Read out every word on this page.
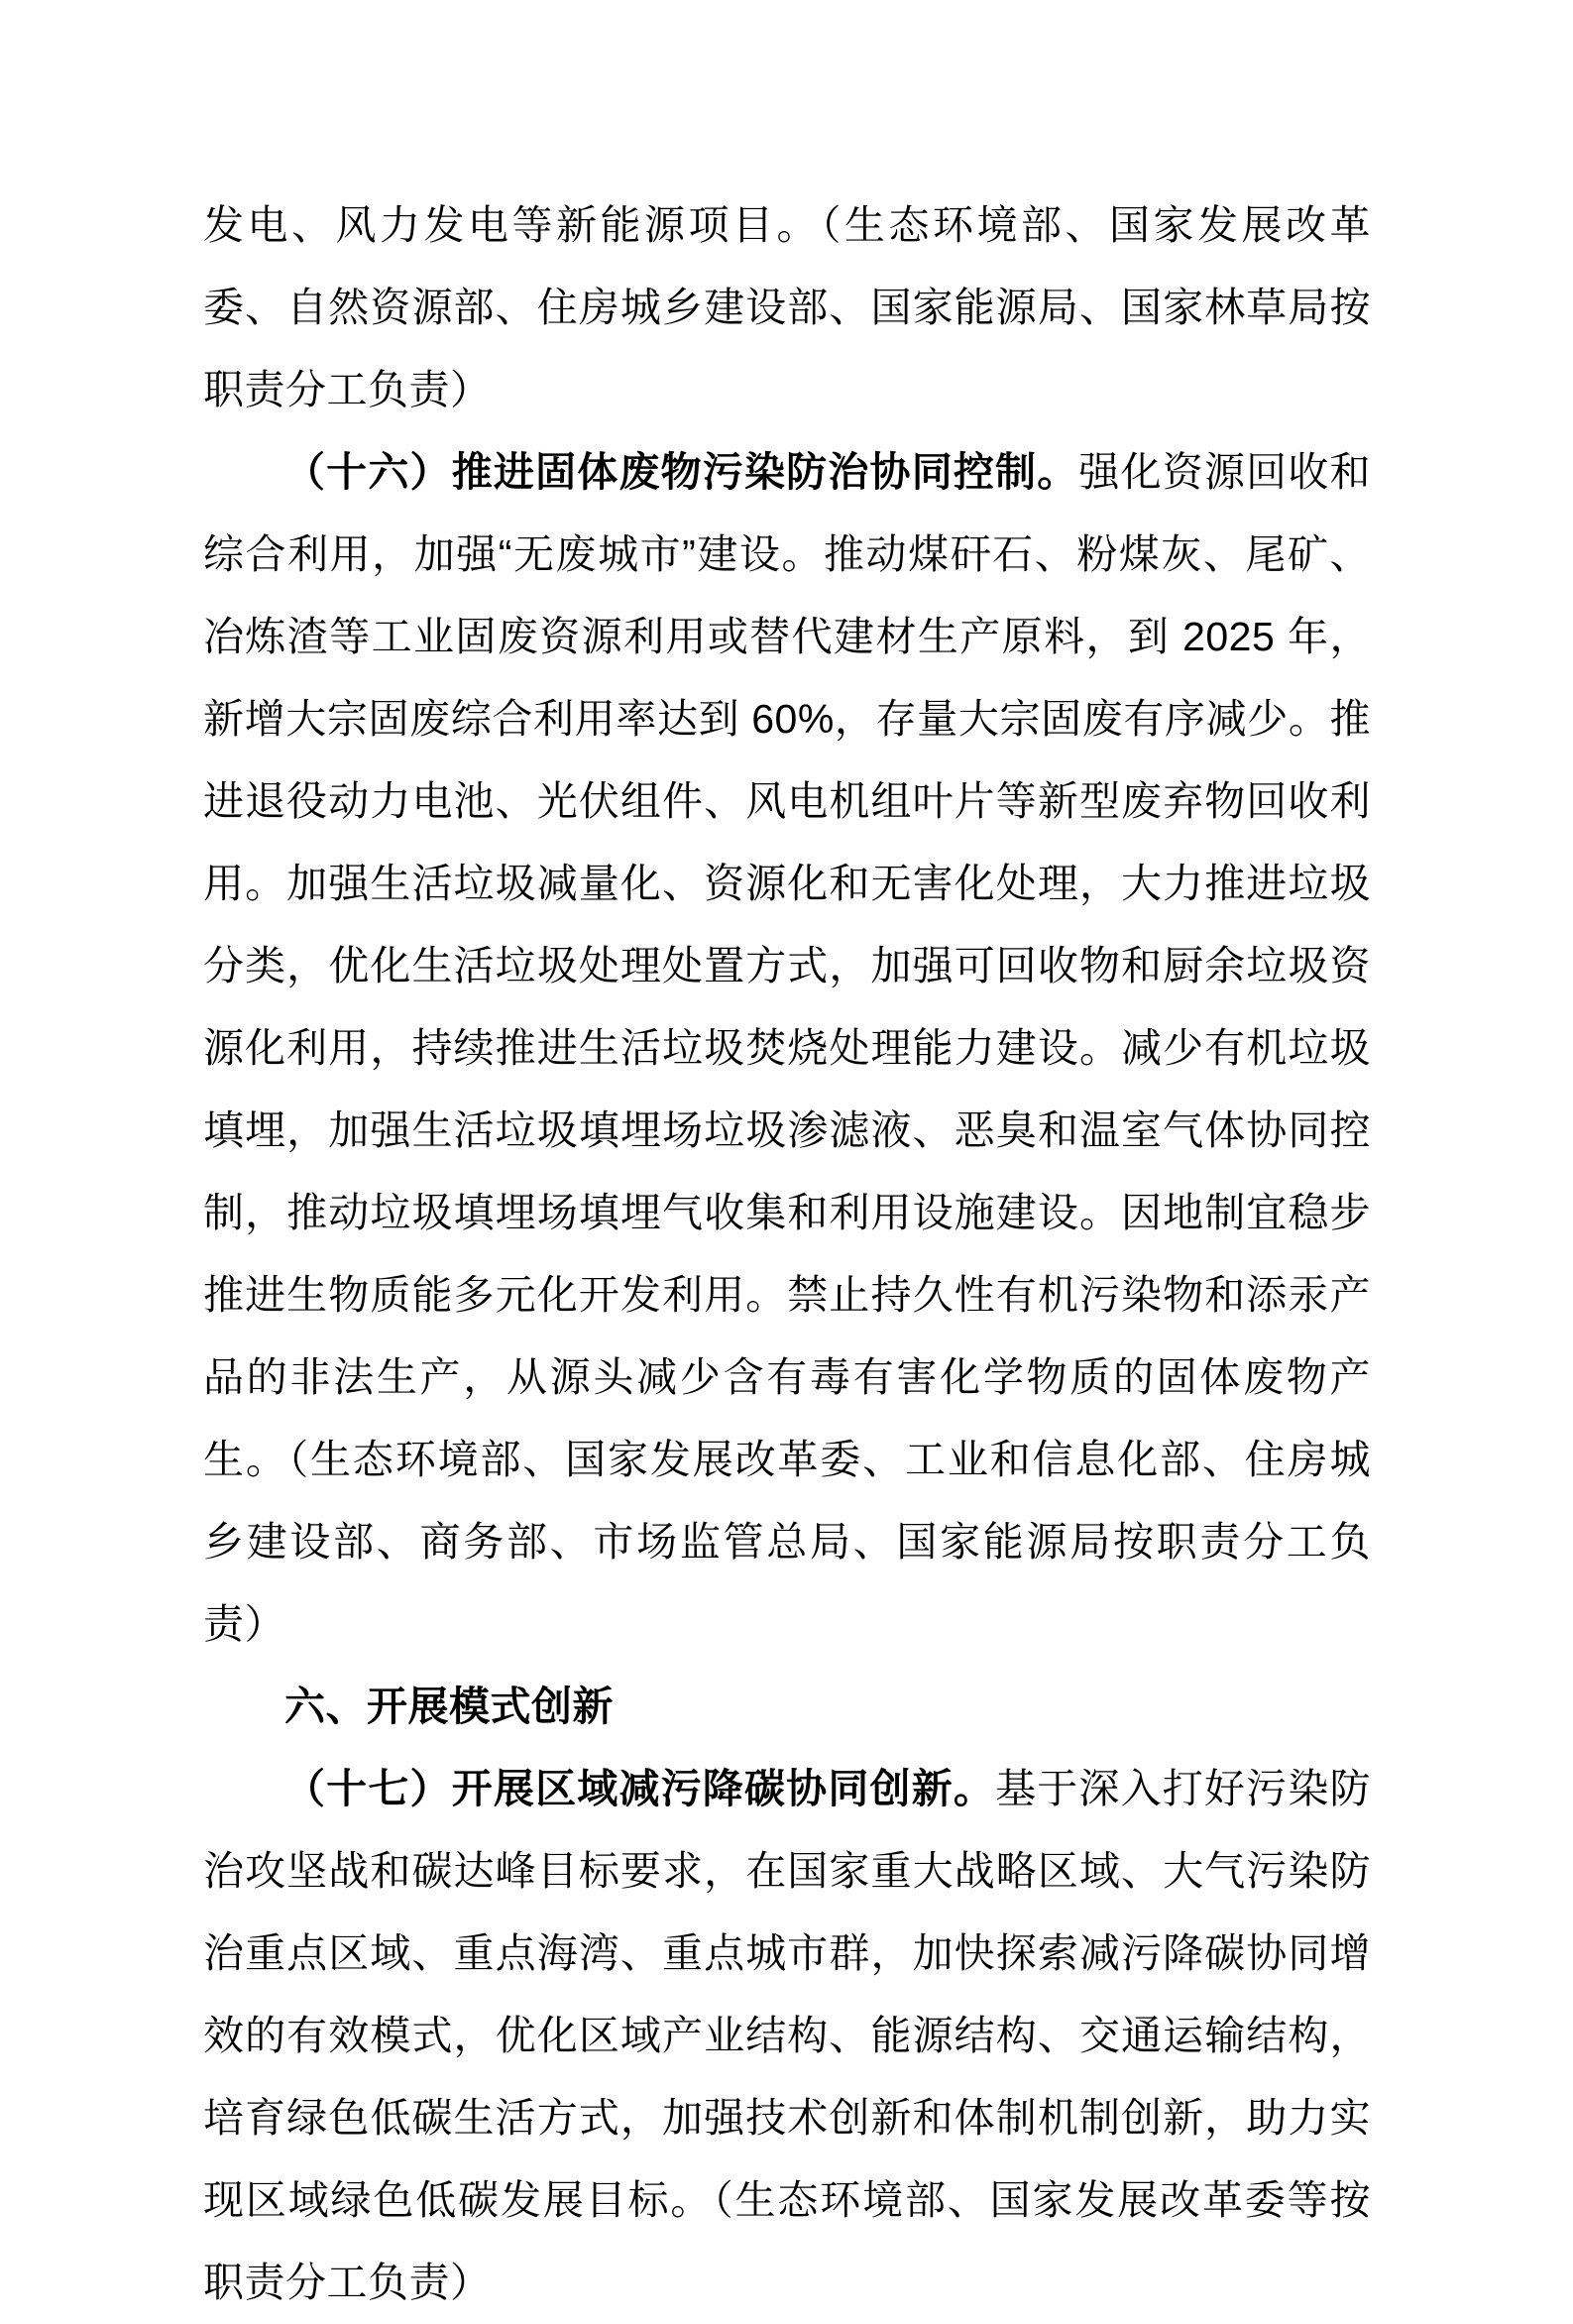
发电、风力发电等新能源项目。（生态环境部、国家发展改革委、自然资源部、住房城乡建设部、国家能源局、国家林草局按职责分工负责）

（十六）推进固体废物污染防治协同控制。强化资源回收和综合利用，加强“无废城市”建设。推动煤矸石、粉煤灰、尾矿、冶炼渣等工业固废资源利用或替代建材生产原料，到 2025 年，新增大宗固废综合利用率达到 60%，存量大宗固废有序减少。推进退役动力电池、光伏组件、风电机组叶片等新型废弃物回收利用。加强生活垃圾减量化、资源化和无害化处理，大力推进垃圾分类，优化生活垃圾处理处置方式，加强可回收物和厨余垃圾资源化利用，持续推进生活垃圾焚烧处理能力建设。减少有机垃圾填埋，加强生活垃圾填埋场垃圾渗滤液、恶臭和温室气体协同控制，推动垃圾填埋场填埋气收集和利用设施建设。因地制宜稳步推进生物质能多元化开发利用。禁止持久性有机污染物和添汞产品的非法生产，从源头减少含有毒有害化学物质的固体废物产生。（生态环境部、国家发展改革委、工业和信息化部、住房城乡建设部、商务部、市场监管总局、国家能源局按职责分工负责）

六、开展模式创新

（十七）开展区域减污降碳协同创新。基于深入打好污染防治攻坚战和碳达峰目标要求，在国家重大战略区域、大气污染防治重点区域、重点海湾、重点城市群，加快探索减污降碳协同增效的有效模式，优化区域产业结构、能源结构、交通运输结构，培育绿色低碳生活方式，加强技术创新和体制机制创新，助力实现区域绿色低碳发展目标。（生态环境部、国家发展改革委等按职责分工负责）
